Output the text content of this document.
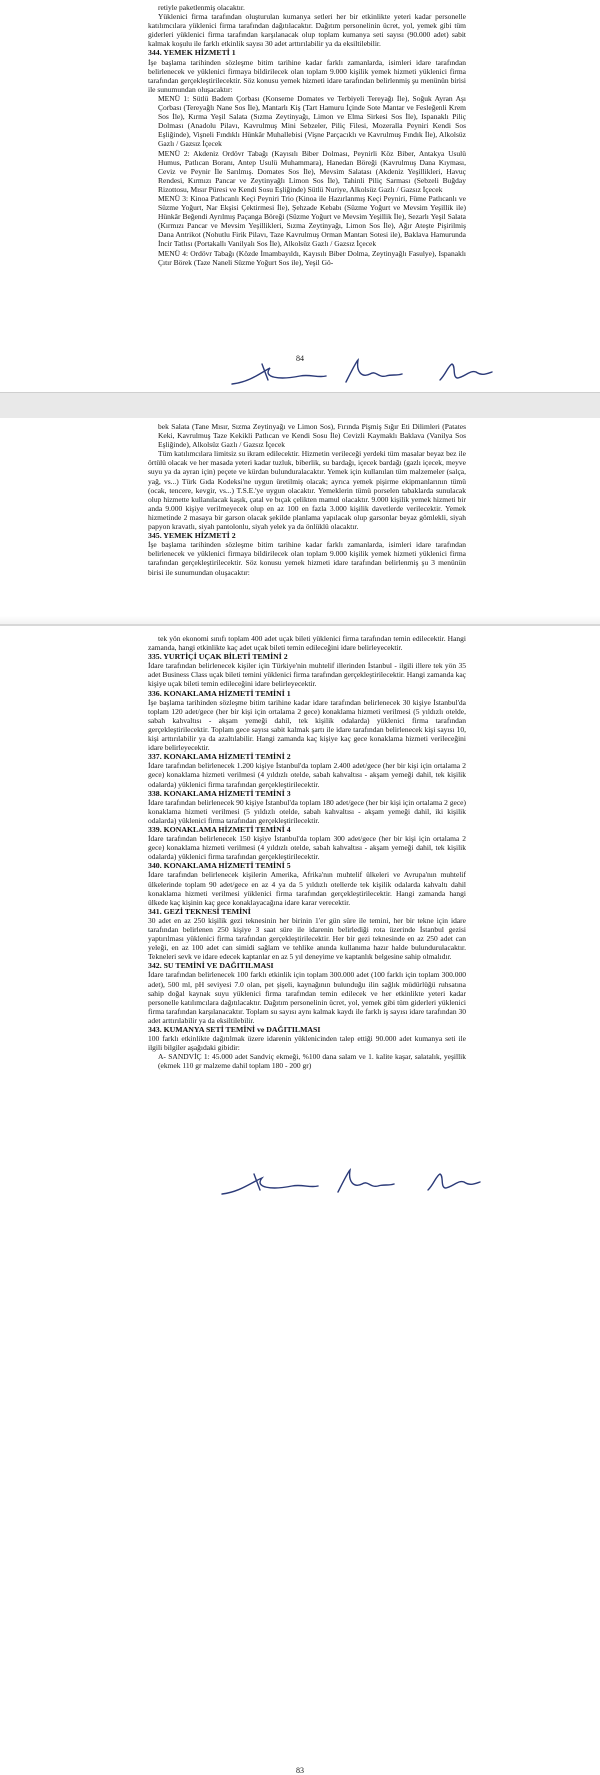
retiyle paketlenmiş olacaktır.

Yüklenici firma tarafından oluşturulan kumanya setleri her bir etkinlikte yeteri kadar personelle katılımcılara yüklenici firma tarafından dağıtılacaktır. Dağıtım personelinin ücret, yol, yemek gibi tüm giderleri yüklenici firma tarafından karşılanacak olup toplam kumanya seti sayısı (90.000 adet) sabit kalmak koşulu ile farklı etkinlik sayısı 30 adet arttırılabilir ya da eksiltilebilir.

344. YEMEK HİZMETİ 1

İşe başlama tarihinden sözleşme bitim tarihine kadar farklı zamanlarda, isimleri idare tarafından belirlenecek ve yüklenici firmaya bildirilecek olan toplam 9.000 kişilik yemek hizmeti yüklenici firma tarafından gerçekleştirilecektir. Söz konusu yemek hizmeti idare tarafından belirlenmiş şu menünün birisi ile sunumundan oluşacaktır:

MENÜ 1: Sütlü Badem Çorbası (Konseme Domates ve Terbiyeli Tereyağı İle), Soğuk Ayran Aşı Çorbası (Tereyağlı Nane Sos İle), Mantarlı Kiş (Tart Hamuru İçinde Sote Mantar ve Fesleğenli Krem Sos İle), Kırma Yeşil Salata (Sızma Zeytinyağı, Limon ve Elma Sirkesi Sos İle), Ispanaklı Piliç Dolması (Anadolu Pilavı, Kavrulmuş Mini Sebzeler, Piliç Filesi, Mozeralla Peyniri Kendi Sos Eşliğinde), Vişneli Fındıklı Hünkâr Muhallebisi (Vişne Parçacıklı ve Kavrulmuş Fındık İle), Alkolsüz Gazlı / Gazsız İçecek

MENÜ 2: Akdeniz Ordövr Tabağı (Kayısılı Biber Dolması, Peynirli Köz Biber, Antakya Usulü Humus, Patlıcan Boranı, Antep Usulü Muhammara), Hanedan Böreği (Kavrulmuş Dana Kıyması, Ceviz ve Peynir İle Sarılmış. Domates Sos İle), Mevsim Salatası (Akdeniz Yeşillikleri, Havuç Rendesi, Kırmızı Pancar ve Zeytinyağlı Limon Sos İle), Tahinli Piliç Sarması (Sebzeli Buğday Rizottosu, Mısır Püresi ve Kendi Sosu Eşliğinde) Sütlü Nuriye, Alkolsüz Gazlı / Gazsız İçecek

MENÜ 3: Kinoa Patlıcanlı Keçi Peyniri Trio (Kinoa ile Hazırlanmış Keçi Peyniri, Füme Patlıcanlı ve Süzme Yoğurt, Nar Ekşisi Çektirmesi İle), Şehzade Kebabı (Süzme Yoğurt ve Mevsim Yeşillik ile) Hünkâr Beğendi Ayrılmış Paçanga Böreği (Süzme Yoğurt ve Mevsim Yeşillik İle), Sezarlı Yeşil Salata (Kırmızı Pancar ve Mevsim Yeşillikleri, Sızma Zeytinyağı, Limon Sos İle), Ağır Ateşte Pişirilmiş Dana Antrikot (Nohutlu Firik Pilavı, Taze Kavrulmuş Orman Mantarı Sotesi ile), Baklava Hamurunda İncir Tatlısı (Portakallı Vanilyalı Sos İle), Alkolsüz Gazlı / Gazsız İçecek

MENÜ 4: Ordövr Tabağı (Közde İmambayıldı, Kayısılı Biber Dolma, Zeytinyağlı Fasulye), Ispanaklı Çıtır Börek (Taze Naneli Süzme Yoğurt Sos ile), Yeşil Gö-

84

bek Salata (Tane Mısır, Sızma Zeytinyağı ve Limon Sos), Fırında Pişmiş Sığır Eti Dilimleri (Patates Keki, Kavrulmuş Taze Kekikli Patlıcan ve Kendi Sosu İle) Cevizli Kaymaklı Baklava (Vanilya Sos Eşliğinde), Alkolsüz Gazlı / Gazsız İçecek

Tüm katılımcılara limitsiz su ikram edilecektir. Hizmetin verileceği yerdeki tüm masalar beyaz bez ile örtülü olacak ve her masada yeteri kadar tuzluk, biberlik, su bardağı, içecek bardağı (gazlı içecek, meyve suyu ya da ayran için) peçete ve kürdan bulunduralacaktır. Yemek için kullanılan tüm malzemeler (salça, yağ, vs...) Türk Gıda Kodeksi'ne uygun üretilmiş olacak; ayrıca yemek pişirme ekipmanlarının tümü (ocak, tencere, kevgir, vs...) T.S.E.'ye uygun olacaktır. Yemeklerin tümü porselen tabaklarda sunulacak olup hizmette kullanılacak kaşık, çatal ve bıçak çelikten mamul olacaktır. 9.000 kişilik yemek hizmeti bir anda 9.000 kişiye verilmeyecek olup en az 100 en fazla 3.000 kişilik davetlerde verilecektir. Yemek hizmetinde 2 masaya bir garson olacak şekilde planlama yapılacak olup garsonlar beyaz gömlekli, siyah papyon kravatlı, siyah pantolonlu, siyah yelek ya da önlüklü olacaktır.

345. YEMEK HİZMETİ 2

İşe başlama tarihinden sözleşme bitim tarihine kadar farklı zamanlarda, isimleri idare tarafından belirlenecek ve yüklenici firmaya bildirilecek olan toplam 9.000 kişilik yemek hizmeti yüklenici firma tarafından gerçekleştirilecektir. Söz konusu yemek hizmeti idare tarafından belirlenmiş şu 3 menünün birisi ile sunumundan oluşacaktır:

tek yön ekonomi sınıfı toplam 400 adet uçak bileti yüklenici firma tarafından temin edilecektir. Hangi zamanda, hangi etkinlikte kaç adet uçak bileti temin edileceğini idare belirleyecektir.

335. YURTİÇİ UÇAK BİLETİ TEMİNİ 2

İdare tarafından belirlenecek kişiler için Türkiye'nin muhtelif illerinden İstanbul - ilgili illere tek yön 35 adet Business Class uçak bileti temini yüklenici firma tarafından gerçekleştirilecektir. Hangi zamanda kaç kişiye uçak bileti temin edileceğini idare belirleyecektir.

336. KONAKLAMA HİZMETİ TEMİNİ 1

İşe başlama tarihinden sözleşme bitim tarihine kadar idare tarafından belirlenecek 30 kişiye İstanbul'da toplam 120 adet/gece (her bir kişi için ortalama 2 gece) konaklama hizmeti verilmesi (5 yıldızlı otelde, sabah kahvaltısı - akşam yemeği dahil, tek kişilik odalarda) yüklenici firma tarafından gerçekleştirilecektir. Toplam gece sayısı sabit kalmak şartı ile idare tarafından belirlenecek kişi sayısı 10, kişi arttırılabilir ya da azaltılabilir. Hangi zamanda kaç kişiye kaç gece konaklama hizmeti verileceğini idare belirleyecektir.

337. KONAKLAMA HİZMETİ TEMİNİ 2

İdare tarafından belirlenecek 1.200 kişiye İstanbul'da toplam 2.400 adet/gece (her bir kişi için ortalama 2 gece) konaklama hizmeti verilmesi (4 yıldızlı otelde, sabah kahvaltısı - akşam yemeği dahil, tek kişilik odalarda) yüklenici firma tarafından gerçekleştirilecektir.

338. KONAKLAMA HİZMETİ TEMİNİ 3

İdare tarafından belirlenecek 90 kişiye İstanbul'da toplam 180 adet/gece (her bir kişi için ortalama 2 gece) konaklama hizmeti verilmesi (5 yıldızlı otelde, sabah kahvaltısı - akşam yemeği dahil, iki kişilik odalarda) yüklenici firma tarafından gerçekleştirilecektir.

339. KONAKLAMA HİZMETİ TEMİNİ 4

İdare tarafından belirlenecek 150 kişiye İstanbul'da toplam 300 adet/gece (her bir kişi için ortalama 2 gece) konaklama hizmeti verilmesi (4 yıldızlı otelde, sabah kahvaltısı - akşam yemeği dahil, tek kişilik odalarda) yüklenici firma tarafından gerçekleştirilecektir.

340. KONAKLAMA HİZMETİ TEMİNİ 5

İdare tarafından belirlenecek kişilerin Amerika, Afrika'nın muhtelif ülkeleri ve Avrupa'nın muhtelif ülkelerinde toplam 90 adet/gece en az 4 ya da 5 yıldızlı otellerde tek kişilik odalarda kahvaltı dahil konaklama hizmeti verilmesi yüklenici firma tarafından gerçekleştirilecektir. Hangi zamanda hangi ülkede kaç kişinin kaç gece konaklayacağına idare karar verecektir.

341. GEZİ TEKNESİ TEMİNİ

30 adet en az 250 kişilik gezi teknesinin her birinin 1'er gün süre ile temini, her bir tekne için idare tarafından belirlenen 250 kişiye 3 saat süre ile idarenin belirlediği rota üzerinde İstanbul gezisi yaptırılması yüklenici firma tarafından gerçekleştirilecektir. Her bir gezi teknesinde en az 250 adet can yeleği, en az 100 adet can simidi sağlam ve tehlike anında kullanıma hazır halde bulundurulacaktır. Tekneleri sevk ve idare edecek kaptanlar en az 5 yıl deneyime ve kaptanlık belgesine sahip olmalıdır.

342. SU TEMİNİ VE DAĞITILMASI

İdare tarafından belirlenecek 100 farklı etkinlik için toplam 300.000 adet (100 farklı için toplam 300.000 adet), 500 ml, pH seviyesi 7.0 olan, pet şişeli, kaynağının bulunduğu ilin sağlık müdürlüğü ruhsatına sahip doğal kaynak suyu yüklenici firma tarafından temin edilecek ve her etkinlikte yeteri kadar personelle katılımcılara dağıtılacaktır. Dağıtım personelinin ücret, yol, yemek gibi tüm giderleri yüklenici firma tarafından karşılanacaktır. Toplam su sayısı aynı kalmak kaydı ile farklı iş sayısı idare tarafından 30 adet arttırılabilir ya da eksiltilebilir.

343. KUMANYA SETİ TEMİNİ ve DAĞITILMASI

100 farklı etkinlikte dağıtılmak üzere idarenin yüklenicinden talep ettiği 90.000 adet kumanya seti ile ilgili bilgiler aşağıdaki gibidir:

A- SANDVİÇ 1: 45.000 adet Sandviç ekmeği, %100 dana salam ve 1. kalite kaşar, salatalık, yeşillik (ekmek 110 gr malzeme dahil toplam 180 - 200 gr)

83
